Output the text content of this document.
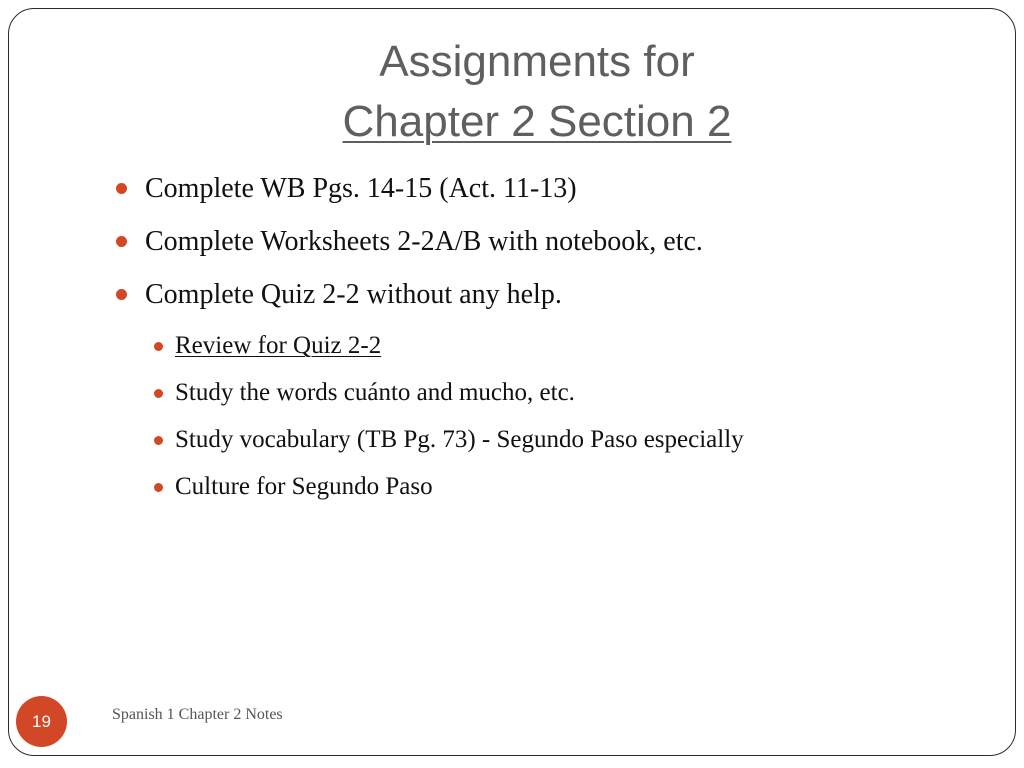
Assignments for
Chapter 2 Section 2
Complete WB Pgs. 14-15 (Act. 11-13)
Complete Worksheets 2-2A/B with notebook, etc.
Complete Quiz 2-2 without any help.
Review for Quiz 2-2
Study the words cuánto and mucho, etc.
Study vocabulary (TB Pg. 73) - Segundo Paso especially
Culture for Segundo Paso
19	Spanish 1 Chapter 2 Notes
